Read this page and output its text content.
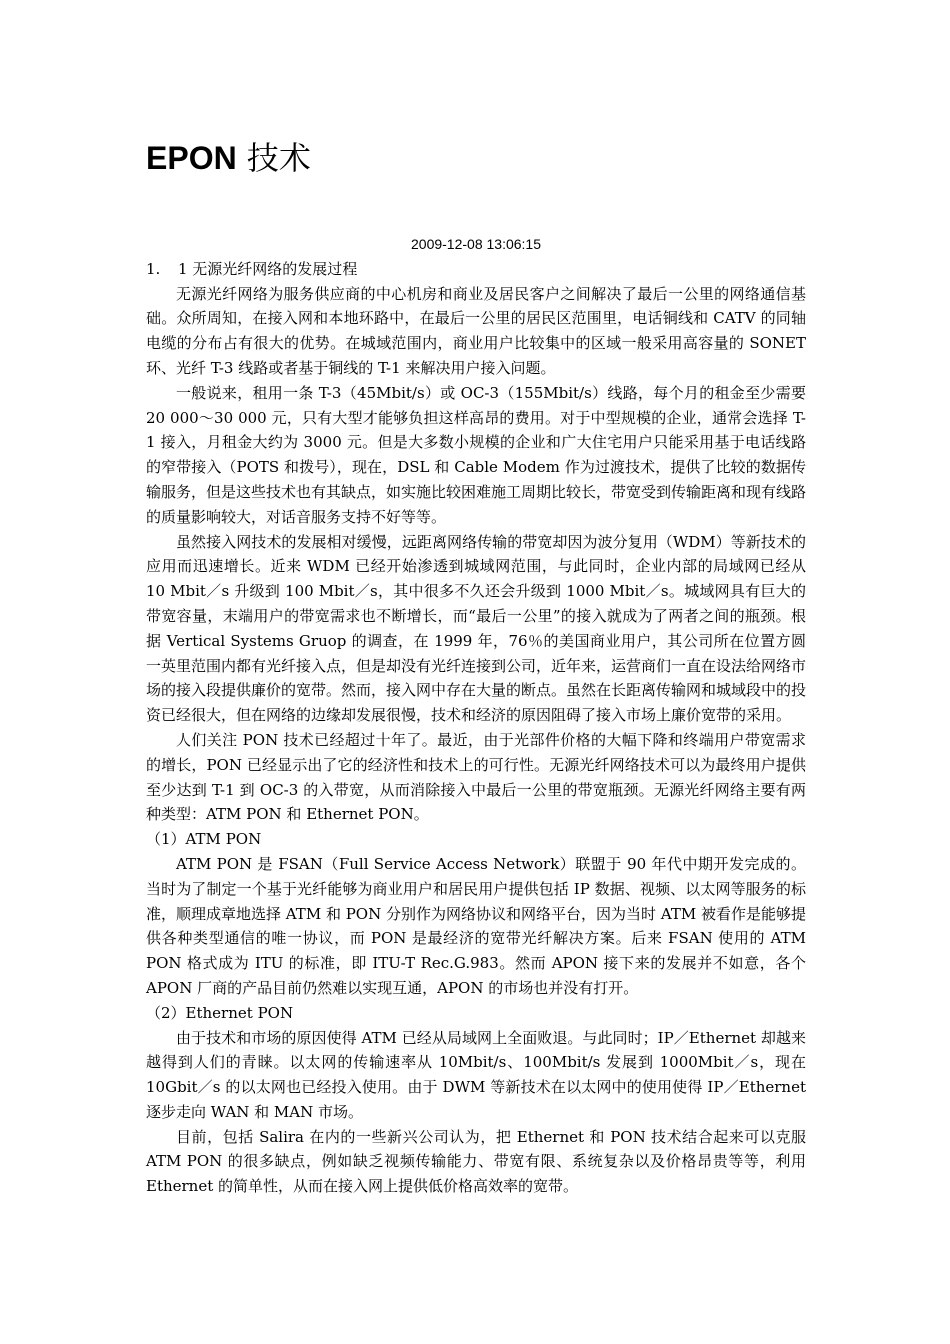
EPON 技术

2009-12-08 13:06:15

1. 1 无源光纤网络的发展过程

无源光纤网络为服务供应商的中心机房和商业及居民客户之间解决了最后一公里的网络通信基础。众所周知，在接入网和本地环路中，在最后一公里的居民区范围里，电话铜线和 CATV 的同轴电缆的分布占有很大的优势。在城域范围内，商业用户比较集中的区域一般采用高容量的 SONET 环、光纤 T-3 线路或者基于铜线的 T-1 来解决用户接入问题。

一般说来，租用一条 T-3（45Mbit/s）或 OC-3（155Mbit/s）线路，每个月的租金至少需要 20 000～30 000 元，只有大型才能够负担这样高昂的费用。对于中型规模的企业，通常会选择 T-1 接入，月租金大约为 3000 元。但是大多数小规模的企业和广大住宅用户只能采用基于电话线路的窄带接入（POTS 和拨号），现在，DSL 和 Cable Modem 作为过渡技术，提供了比较的数据传输服务，但是这些技术也有其缺点，如实施比较困难施工周期比较长，带宽受到传输距离和现有线路的质量影响较大，对话音服务支持不好等等。

虽然接入网技术的发展相对缓慢，远距离网络传输的带宽却因为波分复用（WDM）等新技术的应用而迅速增长。近来 WDM 已经开始渗透到城域网范围，与此同时，企业内部的局域网已经从 10 Mbit／s 升级到 100 Mbit／s，其中很多不久还会升级到 1000 Mbit／s。城域网具有巨大的带宽容量，末端用户的带宽需求也不断增长，而“最后一公里”的接入就成为了两者之间的瓶颈。根据 Vertical Systems Gruop 的调查，在 1999 年，76％的美国商业用户，其公司所在位置方圆一英里范围内都有光纤接入点，但是却没有光纤连接到公司，近年来，运营商们一直在设法给网络市场的接入段提供廉价的宽带。然而，接入网中存在大量的断点。虽然在长距离传输网和城域段中的投资已经很大，但在网络的边缘却发展很慢，技术和经济的原因阻碍了接入市场上廉价宽带的采用。

人们关注 PON 技术已经超过十年了。最近，由于光部件价格的大幅下降和终端用户带宽需求的增长，PON 已经显示出了它的经济性和技术上的可行性。无源光纤网络技术可以为最终用户提供至少达到 T-1 到 OC-3 的入带宽，从而消除接入中最后一公里的带宽瓶颈。无源光纤网络主要有两种类型：ATM PON 和 Ethernet PON。

（1）ATM PON

ATM PON 是 FSAN（Full Service Access Network）联盟于 90 年代中期开发完成的。当时为了制定一个基于光纤能够为商业用户和居民用户提供包括 IP 数据、视频、以太网等服务的标准，顺理成章地选择 ATM 和 PON 分别作为网络协议和网络平台，因为当时 ATM 被看作是能够提供各种类型通信的唯一协议，而 PON 是最经济的宽带光纤解决方案。后来 FSAN 使用的 ATM PON 格式成为 ITU 的标准，即 ITU-T Rec.G.983。然而 APON 接下来的发展并不如意，各个 APON 厂商的产品目前仍然难以实现互通，APON 的市场也并没有打开。

（2）Ethernet PON

由于技术和市场的原因使得 ATM 已经从局域网上全面败退。与此同时；IP／Ethernet 却越来越得到人们的青睐。以太网的传输速率从 10Mbit/s、100Mbit/s 发展到 1000Mbit／s，现在 10Gbit／s 的以太网也已经投入使用。由于 DWM 等新技术在以太网中的使用使得 IP／Ethernet 逐步走向 WAN 和 MAN 市场。

目前，包括 Salira 在内的一些新兴公司认为，把 Ethernet 和 PON 技术结合起来可以克服 ATM PON 的很多缺点，例如缺乏视频传输能力、带宽有限、系统复杂以及价格昂贵等等，利用 Ethernet 的简单性，从而在接入网上提供低价格高效率的宽带。
